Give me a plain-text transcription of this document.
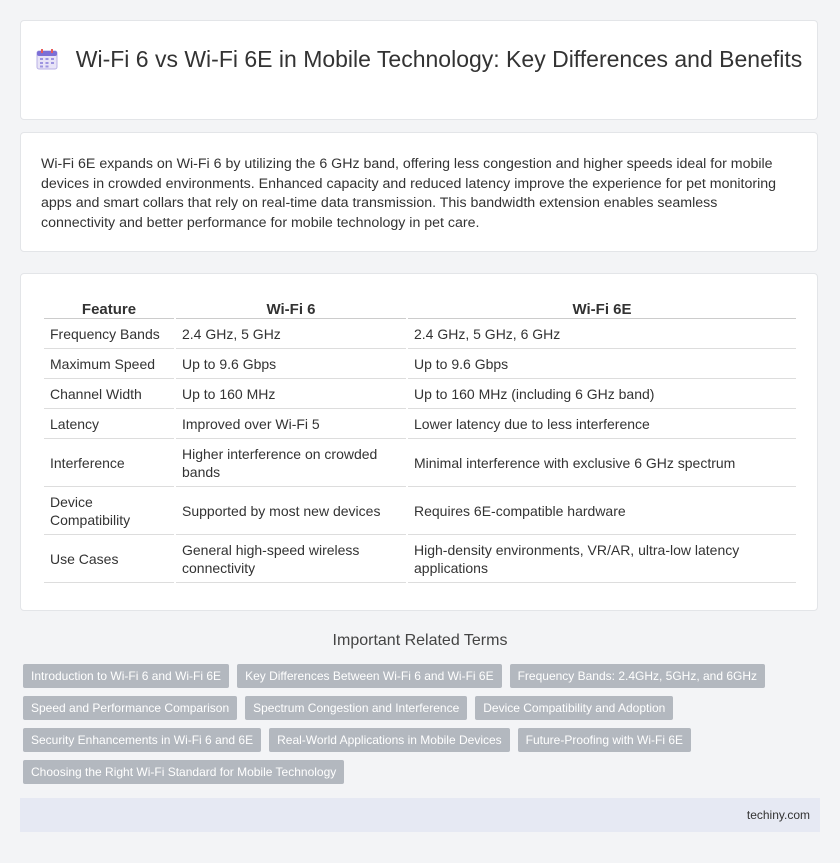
Wi-Fi 6 vs Wi-Fi 6E in Mobile Technology: Key Differences and Benefits

Wi-Fi 6E expands on Wi-Fi 6 by utilizing the 6 GHz band, offering less congestion and higher speeds ideal for mobile devices in crowded environments. Enhanced capacity and reduced latency improve the experience for pet monitoring apps and smart collars that rely on real-time data transmission. This bandwidth extension enables seamless connectivity and better performance for mobile technology in pet care.

Feature	Wi-Fi 6	Wi-Fi 6E
Frequency Bands	2.4 GHz, 5 GHz	2.4 GHz, 5 GHz, 6 GHz
Maximum Speed	Up to 9.6 Gbps	Up to 9.6 Gbps
Channel Width	Up to 160 MHz	Up to 160 MHz (including 6 GHz band)
Latency	Improved over Wi-Fi 5	Lower latency due to less interference
Interference	Higher interference on crowded bands	Minimal interference with exclusive 6 GHz spectrum
Device Compatibility	Supported by most new devices	Requires 6E-compatible hardware
Use Cases	General high-speed wireless connectivity	High-density environments, VR/AR, ultra-low latency applications
Important Related Terms
Introduction to Wi-Fi 6 and Wi-Fi 6E	Key Differences Between Wi-Fi 6 and Wi-Fi 6E	Frequency Bands: 2.4GHz, 5GHz, and 6GHz
Speed and Performance Comparison	Spectrum Congestion and Interference	Device Compatibility and Adoption
Security Enhancements in Wi-Fi 6 and 6E	Real-World Applications in Mobile Devices	Future-Proofing with Wi-Fi 6E
Choosing the Right Wi-Fi Standard for Mobile Technology
techiny.com
